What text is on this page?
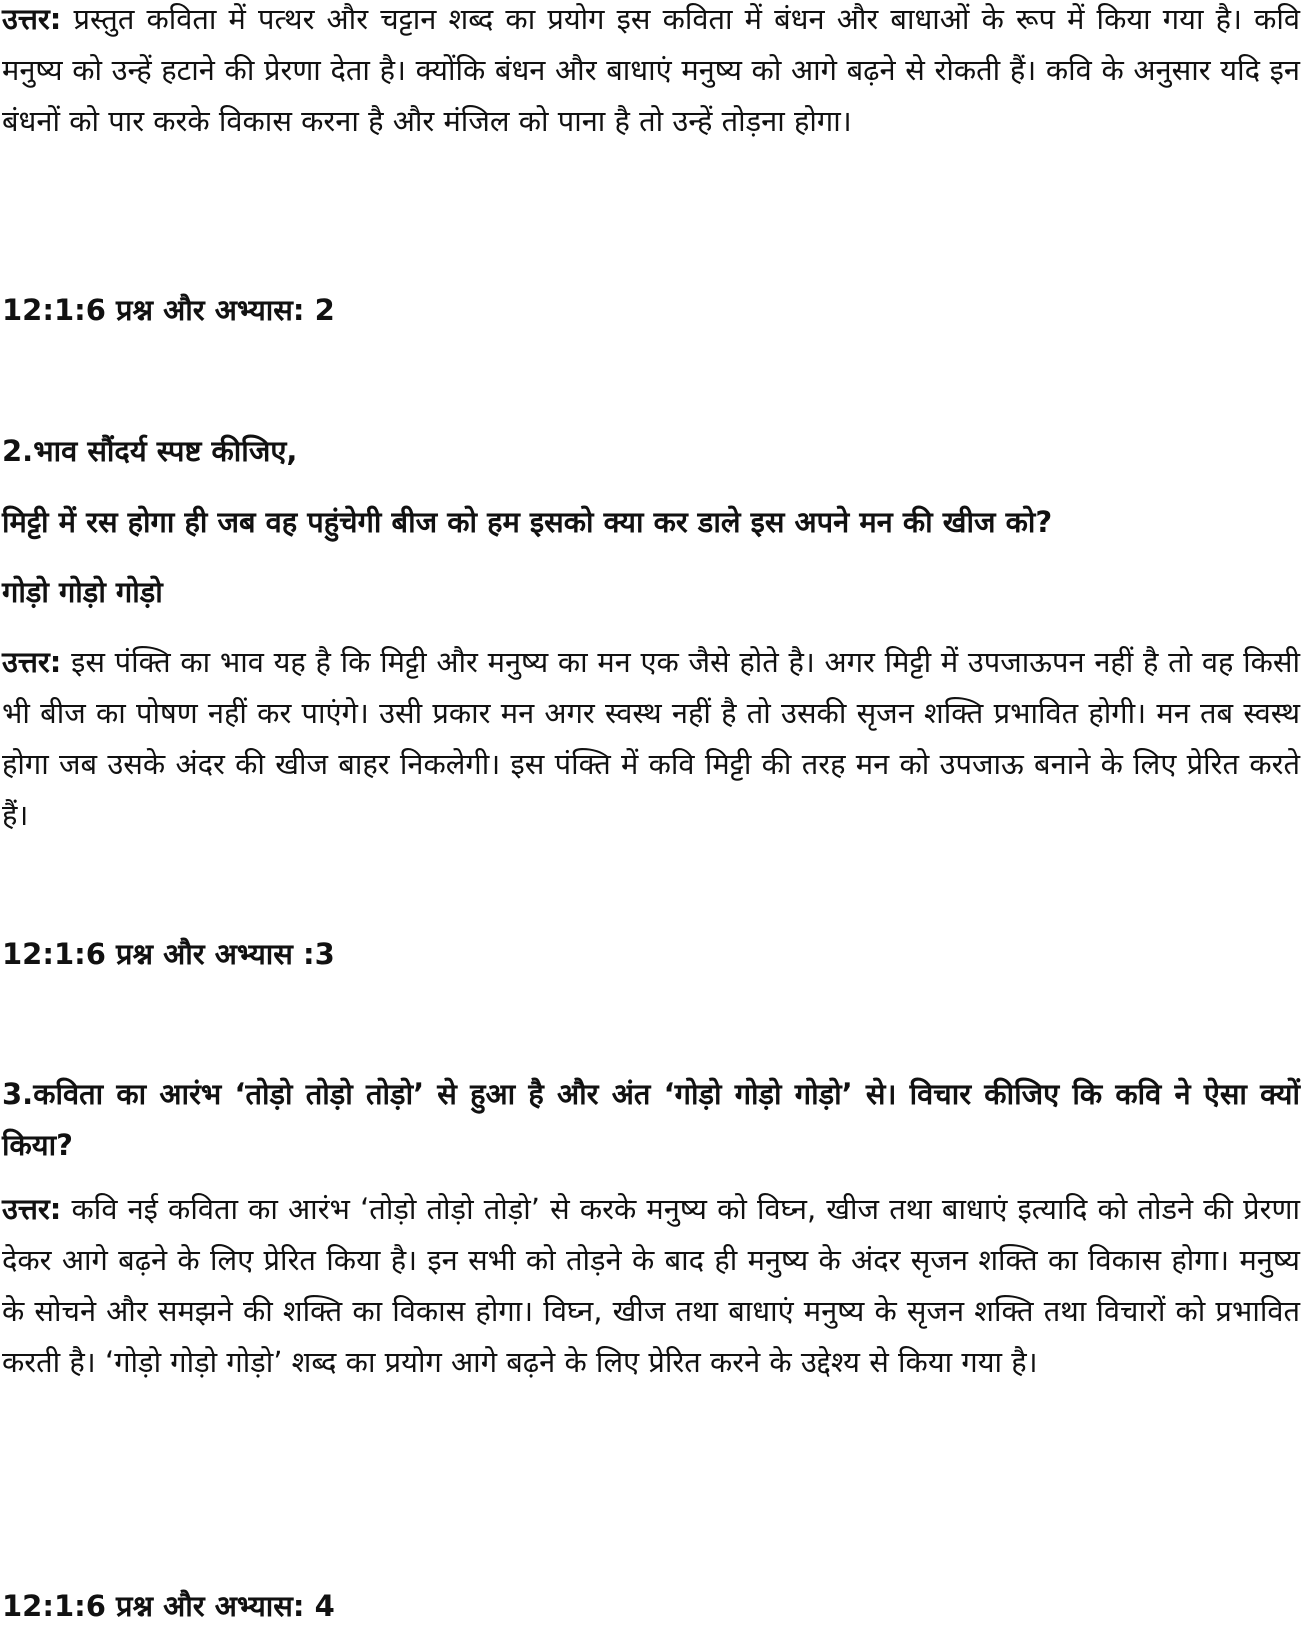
उत्तर: प्रस्तुत कविता में पत्थर और चट्टान शब्द का प्रयोग इस कविता में बंधन और बाधाओं के रूप में किया गया है। कवि मनुष्य को उन्हें हटाने की प्रेरणा देता है। क्योंकि बंधन और बाधाएं मनुष्य को आगे बढ़ने से रोकती हैं। कवि के अनुसार यदि इन बंधनों को पार करके विकास करना है और मंजिल को पाना है तो उन्हें तोड़ना होगा।

12:1:6 प्रश्न और अभ्यास: 2

2.भाव सौंदर्य स्पष्ट कीजिए,

मिट्टी में रस होगा ही जब वह पहुंचेगी बीज को हम इसको क्या कर डाले इस अपने मन की खीज को?

गोड़ो गोड़ो गोड़ो

उत्तर: इस पंक्ति का भाव यह है कि मिट्टी और मनुष्य का मन एक जैसे होते है। अगर मिट्टी में उपजाऊपन नहीं है तो वह किसी भी बीज का पोषण नहीं कर पाएंगे। उसी प्रकार मन अगर स्वस्थ नहीं है तो उसकी सृजन शक्ति प्रभावित होगी। मन तब स्वस्थ होगा जब उसके अंदर की खीज बाहर निकलेगी। इस पंक्ति में कवि मिट्टी की तरह मन को उपजाऊ बनाने के लिए प्रेरित करते हैं।

12:1:6 प्रश्न और अभ्यास :3

3.कविता का आरंभ ‘तोड़ो तोड़ो तोड़ो’ से हुआ है और अंत ‘गोड़ो गोड़ो गोड़ो’ से। विचार कीजिए कि कवि ने ऐसा क्यों किया?

उत्तर: कवि नई कविता का आरंभ ‘तोड़ो तोड़ो तोड़ो’ से करके मनुष्य को विघ्न, खीज तथा बाधाएं इत्यादि को तोडने की प्रेरणा देकर आगे बढ़ने के लिए प्रेरित किया है। इन सभी को तोड़ने के बाद ही मनुष्य के अंदर सृजन शक्ति का विकास होगा। मनुष्य के सोचने और समझने की शक्ति का विकास होगा। विघ्न, खीज तथा बाधाएं मनुष्य के सृजन शक्ति तथा विचारों को प्रभावित करती है। ‘गोड़ो गोड़ो गोड़ो’ शब्द का प्रयोग आगे बढ़ने के लिए प्रेरित करने के उद्देश्य से किया गया है।

12:1:6 प्रश्न और अभ्यास: 4
